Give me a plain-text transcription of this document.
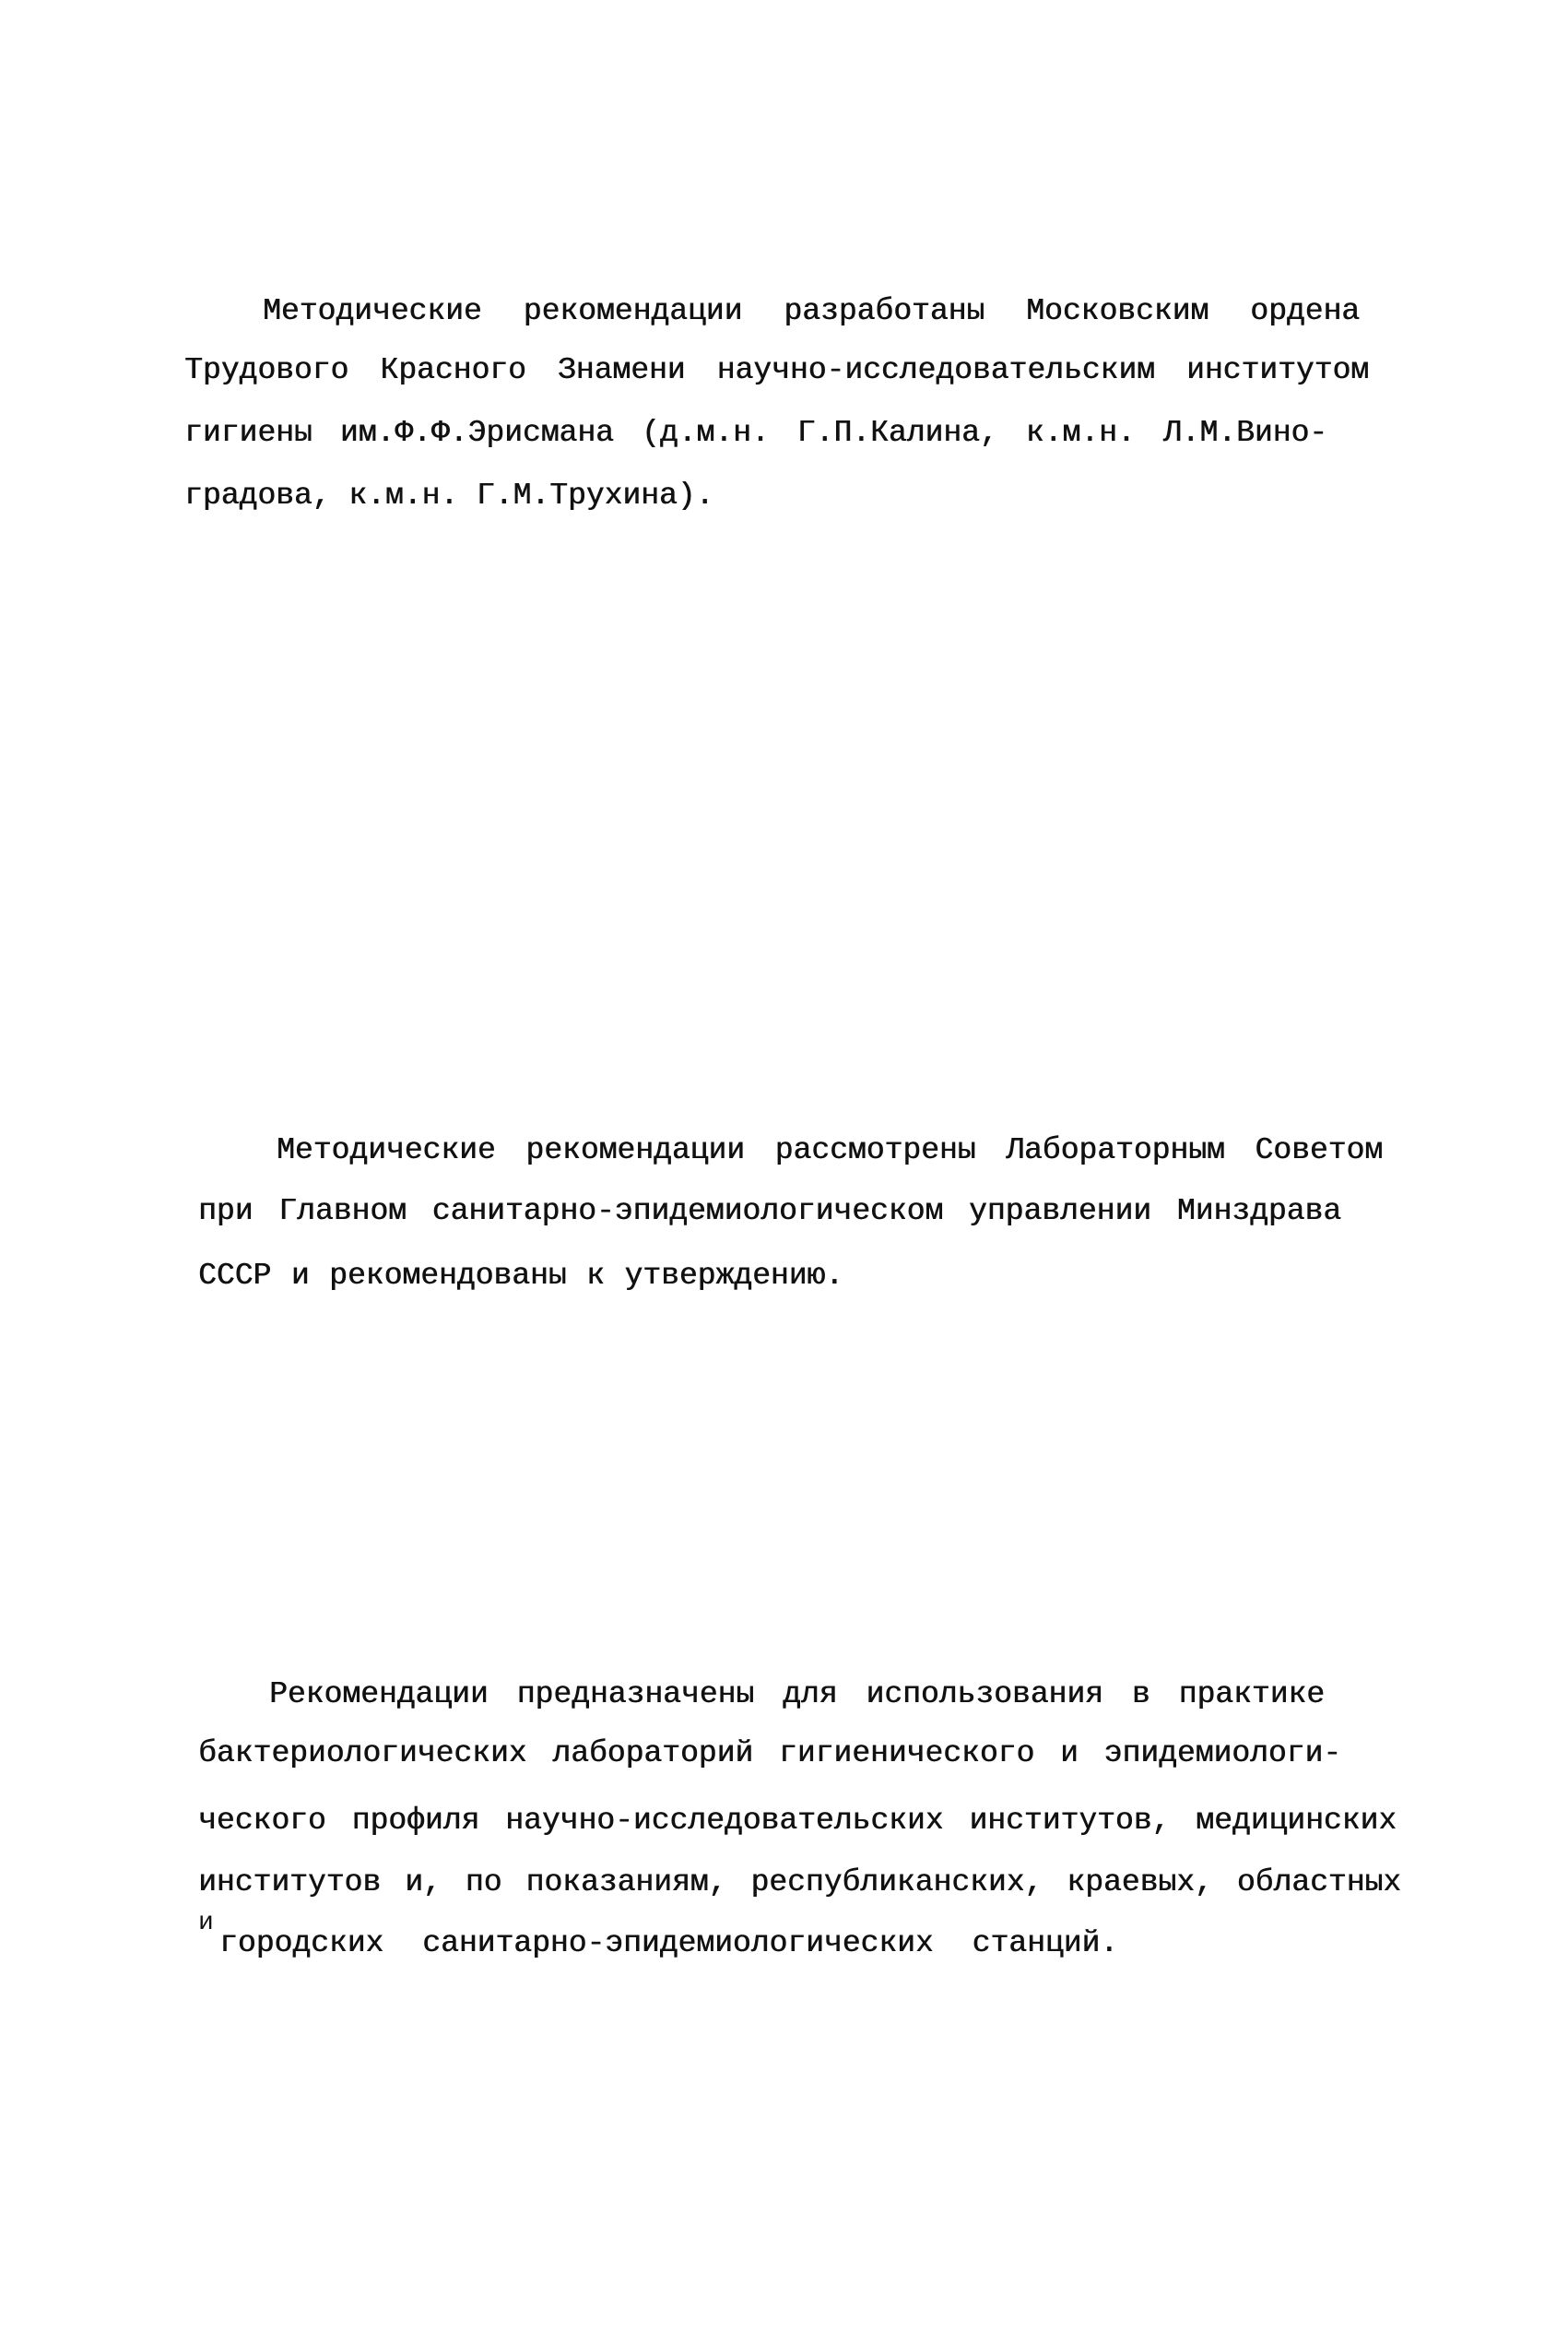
Методические рекомендации разработаны Московским ордена
Трудового Красного Знамени научно-исследовательским институтом
гигиены им.Ф.Ф.Эрисмана (д.м.н. Г.П.Калина, к.м.н. Л.М.Вино-
градова, к.м.н. Г.М.Трухина).
Методические рекомендации рассмотрены Лабораторным Советом
при Главном санитарно-эпидемиологическом управлении Минздрава
СССР и рекомендованы к утверждению.
Рекомендации предназначены для использования в практике
бактериологических лабораторий гигиенического и эпидемиологи-
ческого профиля научно-исследовательских институтов, медицинских
институтов и, по показаниям, республиканских, краевых, областных
и
городских санитарно-эпидемиологических станций.
